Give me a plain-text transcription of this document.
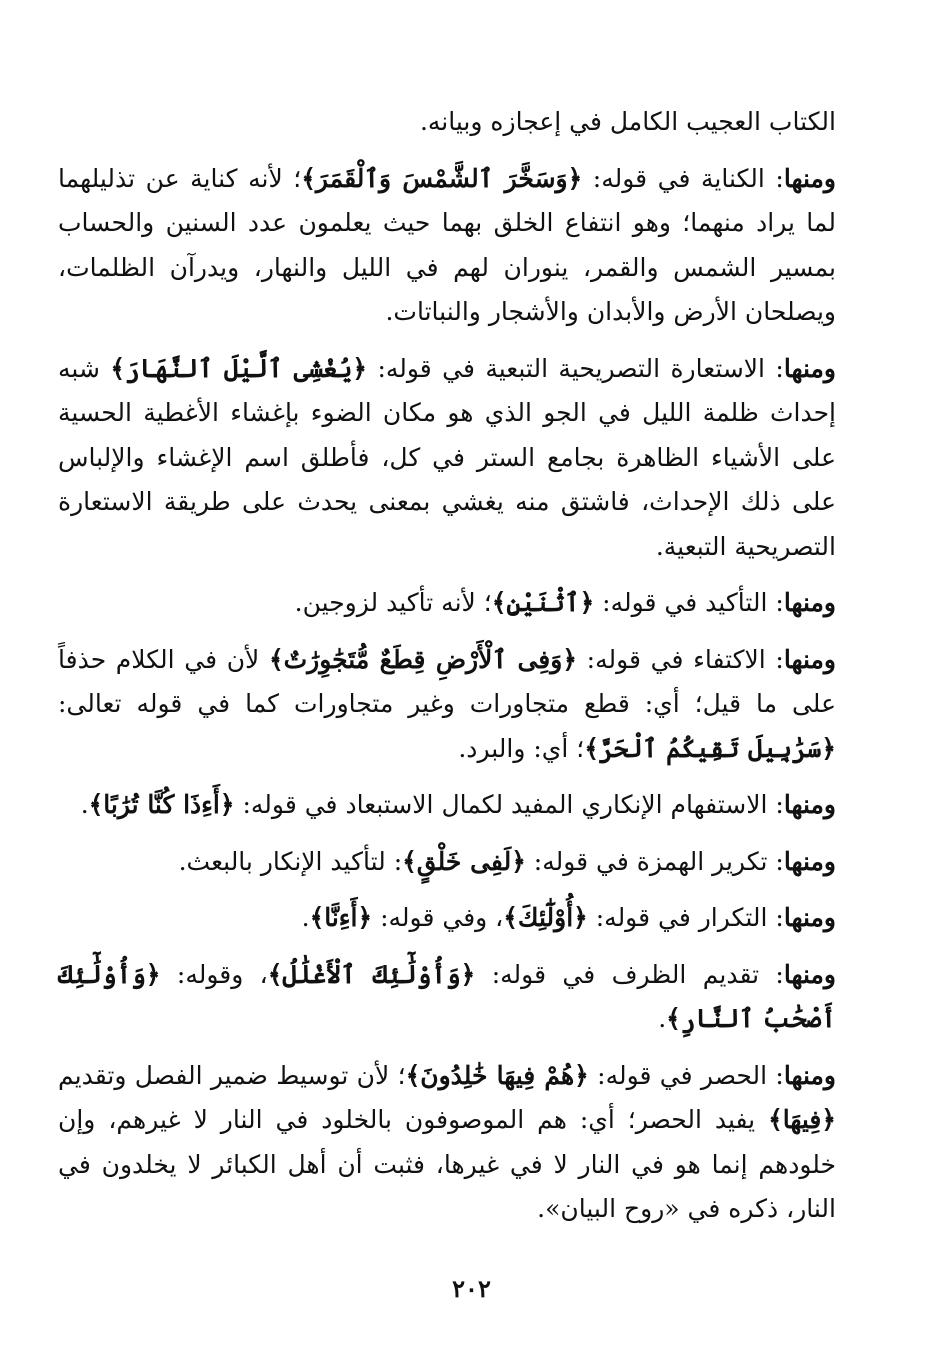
الكتاب العجيب الكامل في إعجازه وبيانه.

ومنها: الكناية في قوله: ﴿وَسَخَّرَ ٱلشَّمْسَ وَٱلْقَمَرَ﴾؛ لأنه كناية عن تذليلهما لما يراد منهما؛ وهو انتفاع الخلق بهما حيث يعلمون عدد السنين والحساب بمسير الشمس والقمر، ينوران لهم في الليل والنهار، ويدرآن الظلمات، ويصلحان الأرض والأبدان والأشجار والنباتات.

ومنها: الاستعارة التصريحية التبعية في قوله: ﴿يُغْشِى ٱلَّيْلَ ٱلنَّهَارَ﴾ شبه إحداث ظلمة الليل في الجو الذي هو مكان الضوء بإغشاء الأغطية الحسية على الأشياء الظاهرة بجامع الستر في كل، فأطلق اسم الإغشاء والإلباس على ذلك الإحداث، فاشتق منه يغشي بمعنى يحدث على طريقة الاستعارة التصريحية التبعية.

ومنها: التأكيد في قوله: ﴿ٱثْنَيْنِ﴾؛ لأنه تأكيد لزوجين.

ومنها: الاكتفاء في قوله: ﴿وَفِى ٱلْأَرْضِ قِطَعٌ مُّتَجَٰوِرَٰتٌ﴾ لأن في الكلام حذفاً على ما قيل؛ أي: قطع متجاورات وغير متجاورات كما في قوله تعالى: ﴿سَرَٰبِيلَ تَقِيكُمُ ٱلْحَرَّ﴾؛ أي: والبرد.

ومنها: الاستفهام الإنكاري المفيد لكمال الاستبعاد في قوله: ﴿أَءِذَا كُنَّا تُرَٰبًا﴾.

ومنها: تكرير الهمزة في قوله: ﴿لَفِى خَلْقٍ﴾: لتأكيد الإنكار بالبعث.

ومنها: التكرار في قوله: ﴿أُوْلَٰٓئِكَ﴾، وفي قوله: ﴿أَءِنَّا﴾.

ومنها: تقديم الظرف في قوله: ﴿وَأُوْلَٰٓئِكَ ٱلْأَغْلَٰلُ﴾، وقوله: ﴿وَأُوْلَٰٓئِكَ أَصْحَٰبُ ٱلنَّارِ﴾.

ومنها: الحصر في قوله: ﴿هُمْ فِيهَا خَٰلِدُونَ﴾؛ لأن توسيط ضمير الفصل وتقديم ﴿فِيهَا﴾ يفيد الحصر؛ أي: هم الموصوفون بالخلود في النار لا غيرهم، وإن خلودهم إنما هو في النار لا في غيرها، فثبت أن أهل الكبائر لا يخلدون في النار، ذكره في «روح البيان».

٢٠٢
